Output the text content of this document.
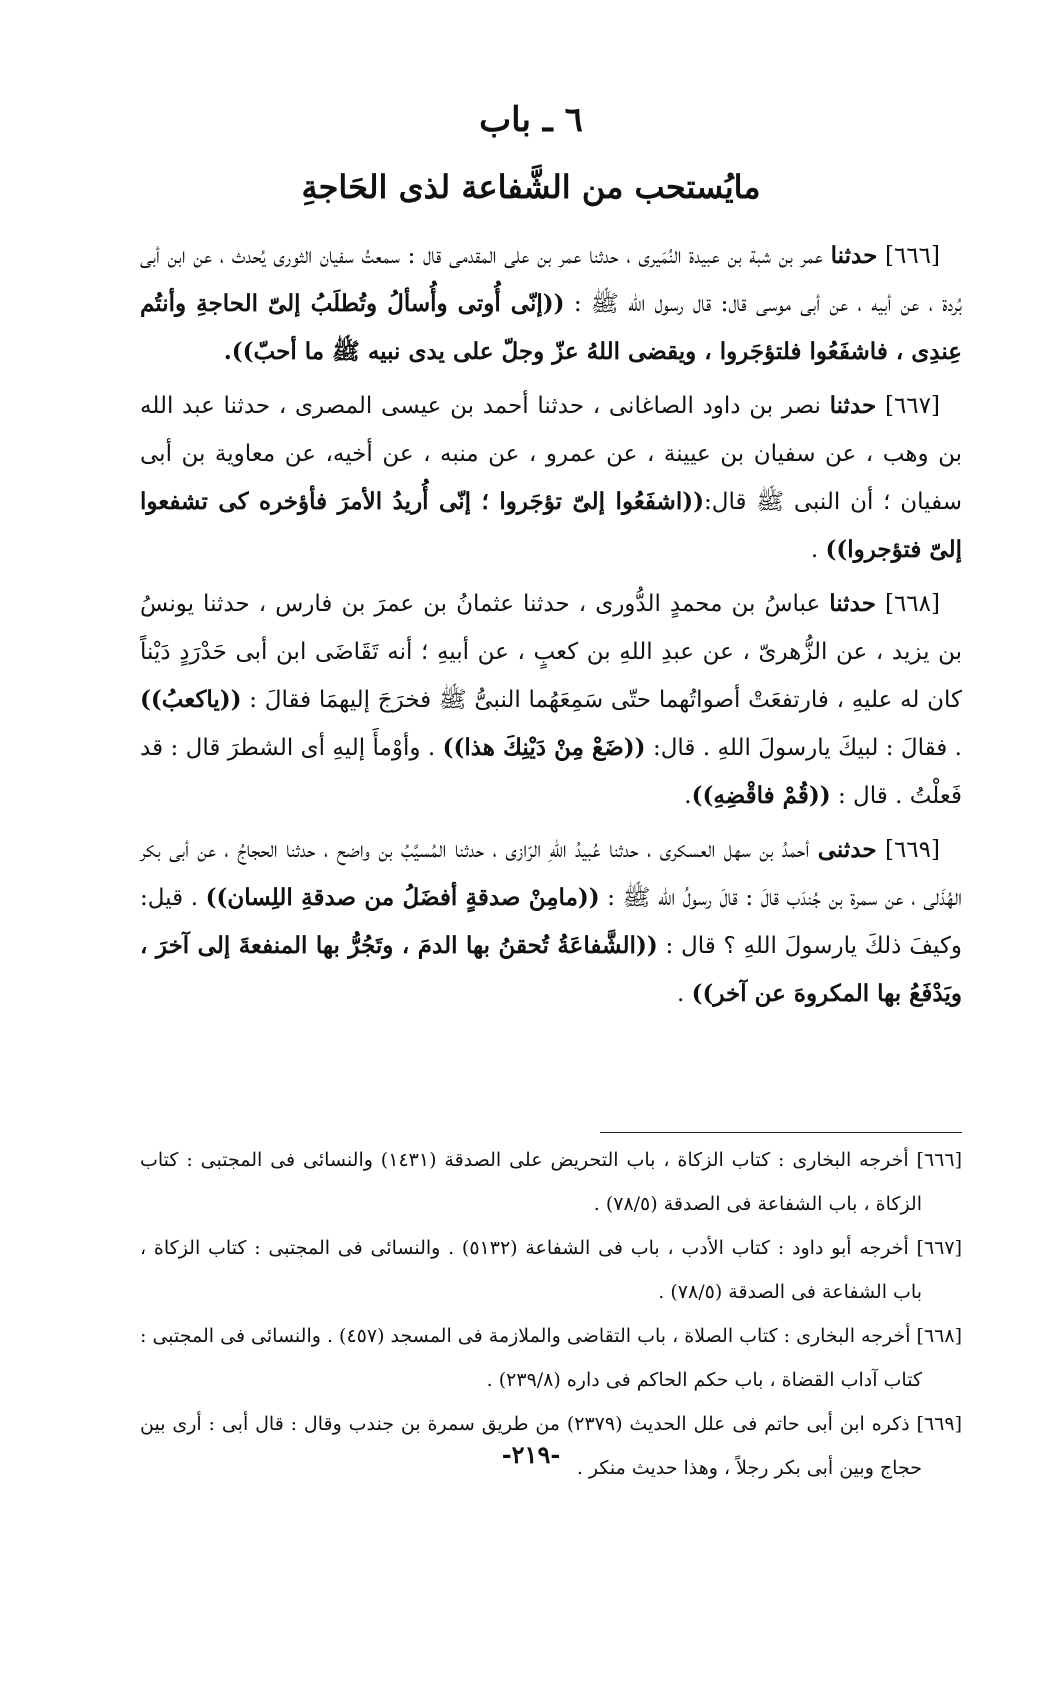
٦ ـ باب
مايُستحب من الشَّفاعة لذى الحَاجةِ

[٦٦٦] حدثنا عمر بن شبة بن عبيدة النُمَيرى ، حدثنا عمر بن على المقدمى قال : سمعتُ سفيان الثورى يُحدث ، عن ابن أبى بُردة ، عن أبيه ، عن أبى موسى قال: قال رسول الله ﷺ : ((إنّى أُوتى وأُسألُ وتُطلَبُ إلىّ الحاجةِ وأنتُم عِندِى ، فاشفَعُوا فلتؤجَروا ، ويقضى اللهُ عزّ وجلّ على يدى نبيه ﷺ ما أحبّ)).

[٦٦٧] حدثنا نصر بن داود الصاغانى ، حدثنا أحمد بن عيسى المصرى ، حدثنا عبد الله بن وهب ، عن سفيان بن عيينة ، عن عمرو ، عن منبه ، عن أخيه، عن معاوية بن أبى سفيان ؛ أن النبى ﷺ قال:((اشفَعُوا إلىّ تؤجَروا ؛ إنّى أُريدُ الأمرَ فأؤخره كى تشفعوا إلىّ فتؤجروا)) .

[٦٦٨] حدثنا عباسُ بن محمدٍ الدُّورى ، حدثنا عثمانُ بن عمرَ بن فارس ، حدثنا يونسُ بن يزيد ، عن الزُّهرىّ ، عن عبدِ اللهِ بن كعبٍ ، عن أبيهِ ؛ أنه تَقَاضَى ابن أبى حَدْرَدٍ دَيْناً كان له عليهِ ، فارتفعَتْ أصواتُهما حتّى سَمِعَهُما النبىُّ ﷺ فخرَجَ إليهمَا فقالَ : ((ياكعبُ)) . فقالَ : لبيكَ يارسولَ اللهِ . قال: ((ضَعْ مِنْ دَيْنِكَ هذا)) . وأوْمأَ إليهِ أى الشطرَ قال : قد فَعلْتُ . قال : ((قُمْ فاقْضِهِ)).

[٦٦٩] حدثنى أحمدُ بن سهل العسكرى ، حدثنا عُبيدُ اللهِ الرّازى ، حدثنا المُسيَّبُ بن واضح ، حدثنا الحجاجُ ، عن أبى بكر الهُذَلى ، عن سمرة بن جُندَب قالَ : قالَ رسولُ الله ﷺ : ((مامِنْ صدقةٍ أفضَلُ من صدقةِ اللِسان)) . قيل: وكيفَ ذلكَ يارسولَ اللهِ ؟ قال : ((الشَّفاعَةُ تُحقنُ بها الدمَ ، وتَجُرُّ بها المنفعةَ إلى آخرَ ، ويَدْفَعُ بها المكروهَ عن آخر)) .

[٦٦٦] أخرجه البخارى : كتاب الزكاة ، باب التحريض على الصدقة (١٤٣١) والنسائى فى المجتبى : كتاب الزكاة ، باب الشفاعة فى الصدقة (٧٨/٥) .

[٦٦٧] أخرجه أبو داود : كتاب الأدب ، باب فى الشفاعة (٥١٣٢) . والنسائى فى المجتبى : كتاب الزكاة ، باب الشفاعة فى الصدقة (٧٨/٥) .

[٦٦٨] أخرجه البخارى : كتاب الصلاة ، باب التقاضى والملازمة فى المسجد (٤٥٧) . والنسائى فى المجتبى : كتاب آداب القضاة ، باب حكم الحاكم فى داره (٢٣٩/٨) .

[٦٦٩] ذكره ابن أبى حاتم فى علل الحديث (٢٣٧٩) من طريق سمرة بن جندب وقال : قال أبى : أرى بين حجاج وبين أبى بكر رجلاً ، وهذا حديث منكر .

-٢١٩-
